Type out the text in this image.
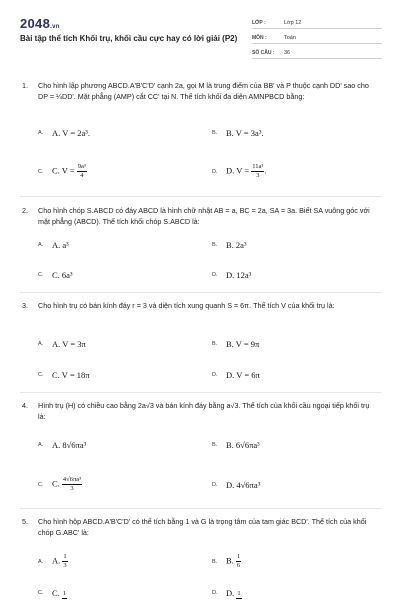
2048.vn
Bài tập thể tích Khối trụ, khối cầu cực hay có lời giải (P2)
LỚP :	Lớp 12
MÔN :	Toán
SỐ CÂU :	36
1. Cho hình lập phương ABCD.A'B'C'D' cạnh 2a, gọi M là trung điểm của BB' và P thuộc cạnh DD' sao cho DP = ¼DD'. Mặt phẳng (AMP) cắt CC' tại N. Thể tích khối đa diện AMNPBCD bằng:
A.	A. V = 2a³.	B.	B. V = 3a³.
C.	C. $V = \frac{\text{9a³}}{4}$	D.	D. $V = \frac{\text{11a³}}{3}$ .
2. Cho hình chóp S.ABCD có đáy ABCD là hình chữ nhật AB = a, BC = 2a, SA = 3a. Biết SA vuông góc với mặt phẳng (ABCD). Thể tích khối chóp S.ABCD là:
A.	A. a³	B.	B. 2a³
C.	C. 6a³	D.	D. 12a³
3. Cho hình trụ có bán kính đáy r = 3 và diện tích xung quanh S = 6π. Thể tích V của khối trụ là:
A.	A. V = 3π	B.	B. V = 9π
C.	C. V = 18π	D.	D. V = 6π
4. Hình trụ (H) có chiều cao bằng 2a√3 và bán kính đáy bằng a√3. Thể tích của khối cầu ngoại tiếp khối trụ là:
A.	A. 8√6πa³	B.	B. 6√6πa³
C.	C. $\frac{\text{4√6πa³}}{3}$	D.	D. 4√6πa³
5. Cho hình hộp ABCD.A'B'C'D' có thể tích bằng 1 và G là trọng tâm của tam giác BCD'. Thể tích của khối chóp G.ABC' là:
A.	A. $\frac{1}{3}$	B.	B. $\frac{1}{6}$
C.	C. 1	D.	D. 1
